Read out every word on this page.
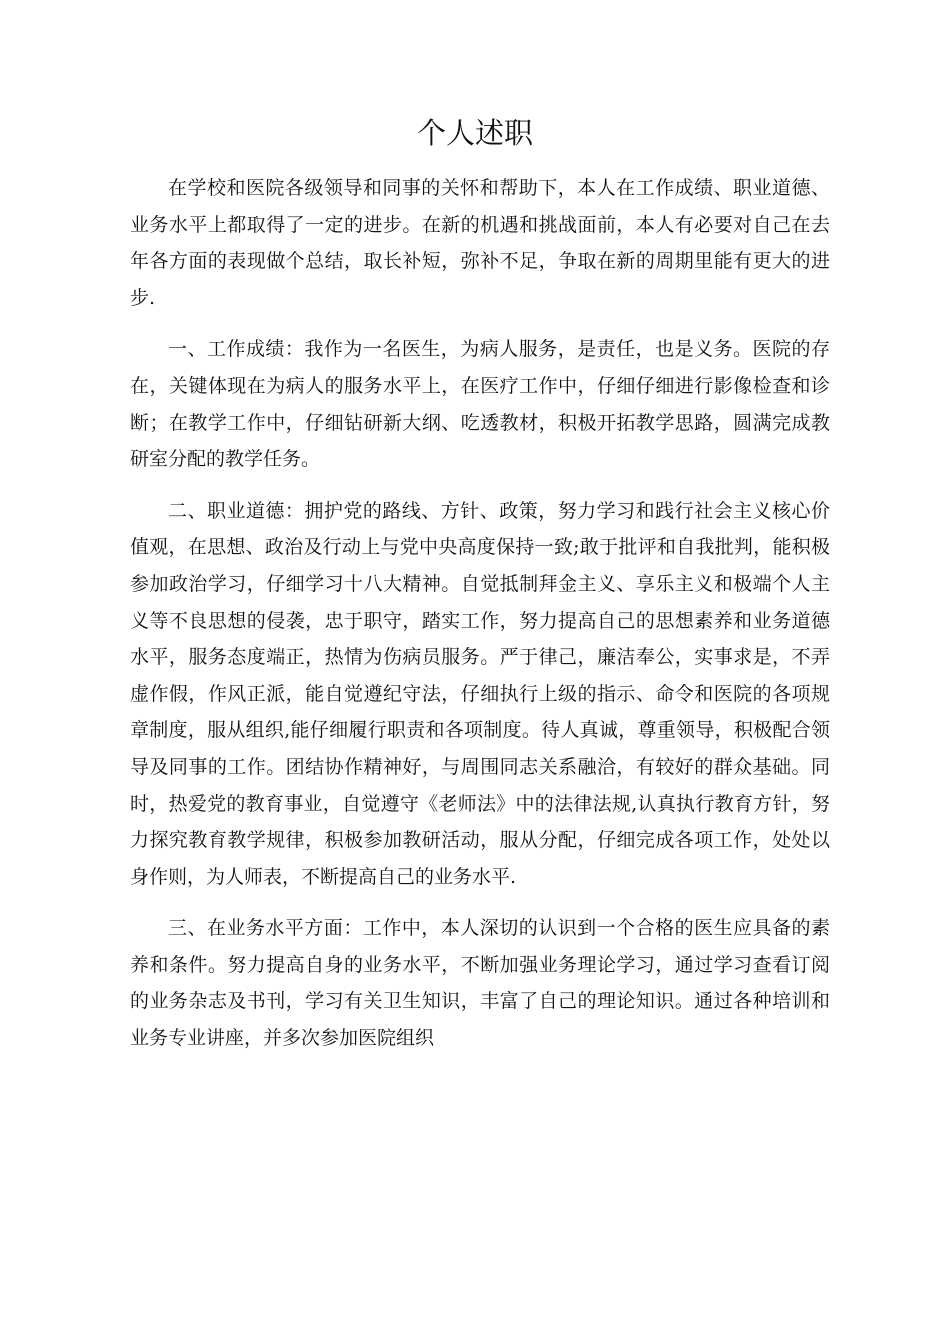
个人述职

在学校和医院各级领导和同事的关怀和帮助下，本人在工作成绩、职业道德、业务水平上都取得了一定的进步。在新的机遇和挑战面前，本人有必要对自己在去年各方面的表现做个总结，取长补短，弥补不足，争取在新的周期里能有更大的进步.

一、工作成绩：我作为一名医生，为病人服务，是责任，也是义务。医院的存在，关键体现在为病人的服务水平上，在医疗工作中，仔细仔细进行影像检查和诊断；在教学工作中，仔细钻研新大纲、吃透教材，积极开拓教学思路，圆满完成教研室分配的教学任务。

二、职业道德：拥护党的路线、方针、政策，努力学习和践行社会主义核心价值观，在思想、政治及行动上与党中央高度保持一致;敢于批评和自我批判，能积极参加政治学习，仔细学习十八大精神。自觉抵制拜金主义、享乐主义和极端个人主义等不良思想的侵袭，忠于职守，踏实工作，努力提高自己的思想素养和业务道德水平，服务态度端正，热情为伤病员服务。严于律己，廉洁奉公，实事求是，不弄虚作假，作风正派，能自觉遵纪守法，仔细执行上级的指示、命令和医院的各项规章制度，服从组织,能仔细履行职责和各项制度。待人真诚，尊重领导，积极配合领导及同事的工作。团结协作精神好，与周围同志关系融洽，有较好的群众基础。同时，热爱党的教育事业，自觉遵守《老师法》中的法律法规,认真执行教育方针，努力探究教育教学规律，积极参加教研活动，服从分配，仔细完成各项工作，处处以身作则，为人师表，不断提高自己的业务水平.

三、在业务水平方面：工作中，本人深切的认识到一个合格的医生应具备的素养和条件。努力提高自身的业务水平，不断加强业务理论学习，通过学习查看订阅的业务杂志及书刊，学习有关卫生知识，丰富了自己的理论知识。通过各种培训和业务专业讲座，并多次参加医院组织
